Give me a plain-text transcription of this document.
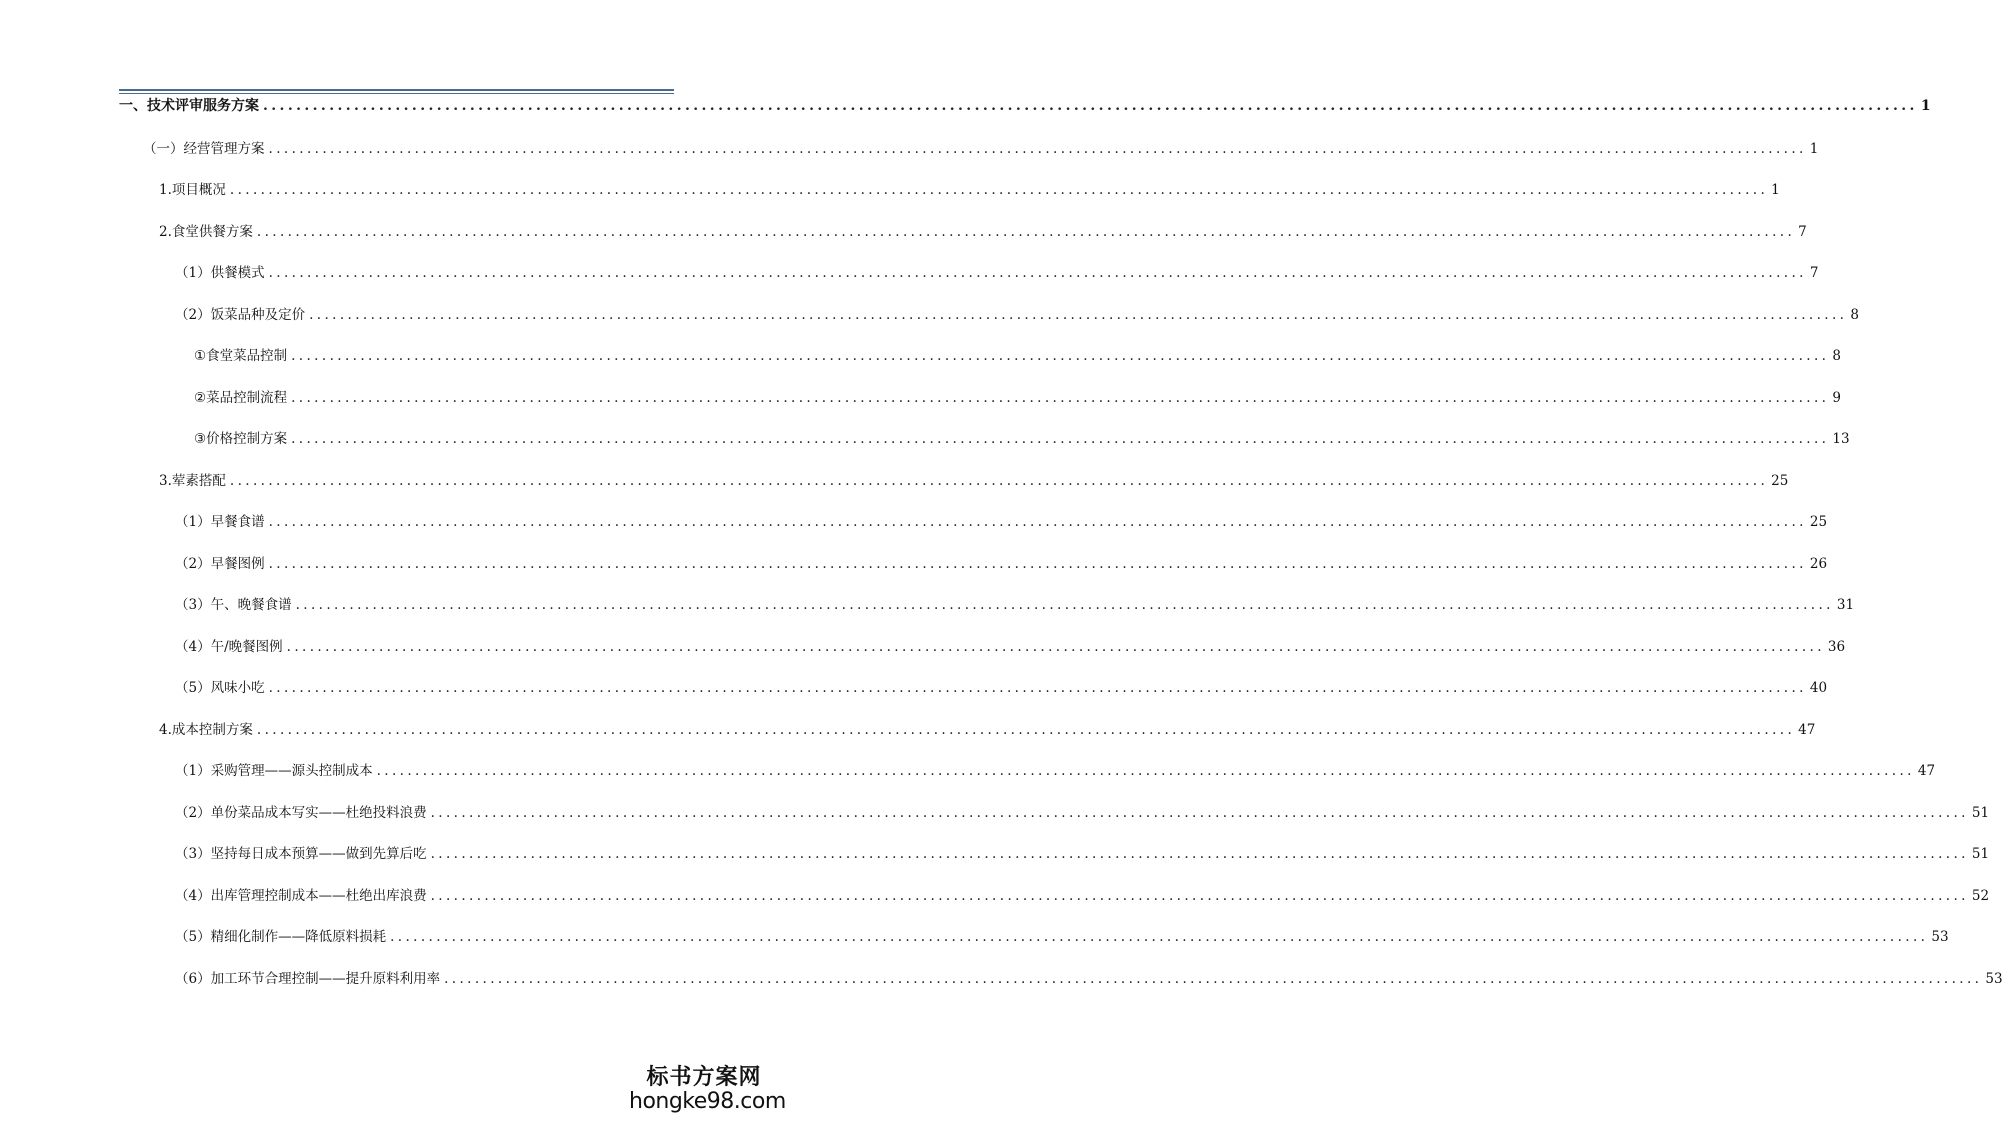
一、 技术评审服务方案 ........................................................................................................................................................................................................ 1
（一） 经营管理方案 ........................................................................................................................................................................................................ 1
1. 项目概况 ........................................................................................................................................................................................................ 1
2. 食堂供餐方案 ........................................................................................................................................................................................................ 7
（1） 供餐模式 ........................................................................................................................................................................................................ 7
（2） 饭菜品种及定价 ........................................................................................................................................................................................................ 8
① 食堂菜品控制 ........................................................................................................................................................................................................ 8
② 菜品控制流程 ........................................................................................................................................................................................................ 9
③ 价格控制方案 ........................................................................................................................................................................................................ 13
3. 荤素搭配 ........................................................................................................................................................................................................ 25
（1） 早餐食谱 ........................................................................................................................................................................................................ 25
（2） 早餐图例 ........................................................................................................................................................................................................ 26
（3） 午、晚餐食谱 ........................................................................................................................................................................................................ 31
（4） 午/晚餐图例 ........................................................................................................................................................................................................ 36
（5） 风味小吃 ........................................................................................................................................................................................................ 40
4. 成本控制方案 ........................................................................................................................................................................................................ 47
（1） 采购管理——源头控制成本 ........................................................................................................................................................................................................ 47
（2） 单份菜品成本写实——杜绝投料浪费 ........................................................................................................................................................................................................ 51
（3） 坚持每日成本预算——做到先算后吃 ........................................................................................................................................................................................................ 51
（4） 出库管理控制成本——杜绝出库浪费 ........................................................................................................................................................................................................ 52
（5） 精细化制作——降低原料损耗 ........................................................................................................................................................................................................ 53
（6） 加工环节合理控制——提升原料利用率 ........................................................................................................................................................................................................ 53
标书方案网
hongke98.com
